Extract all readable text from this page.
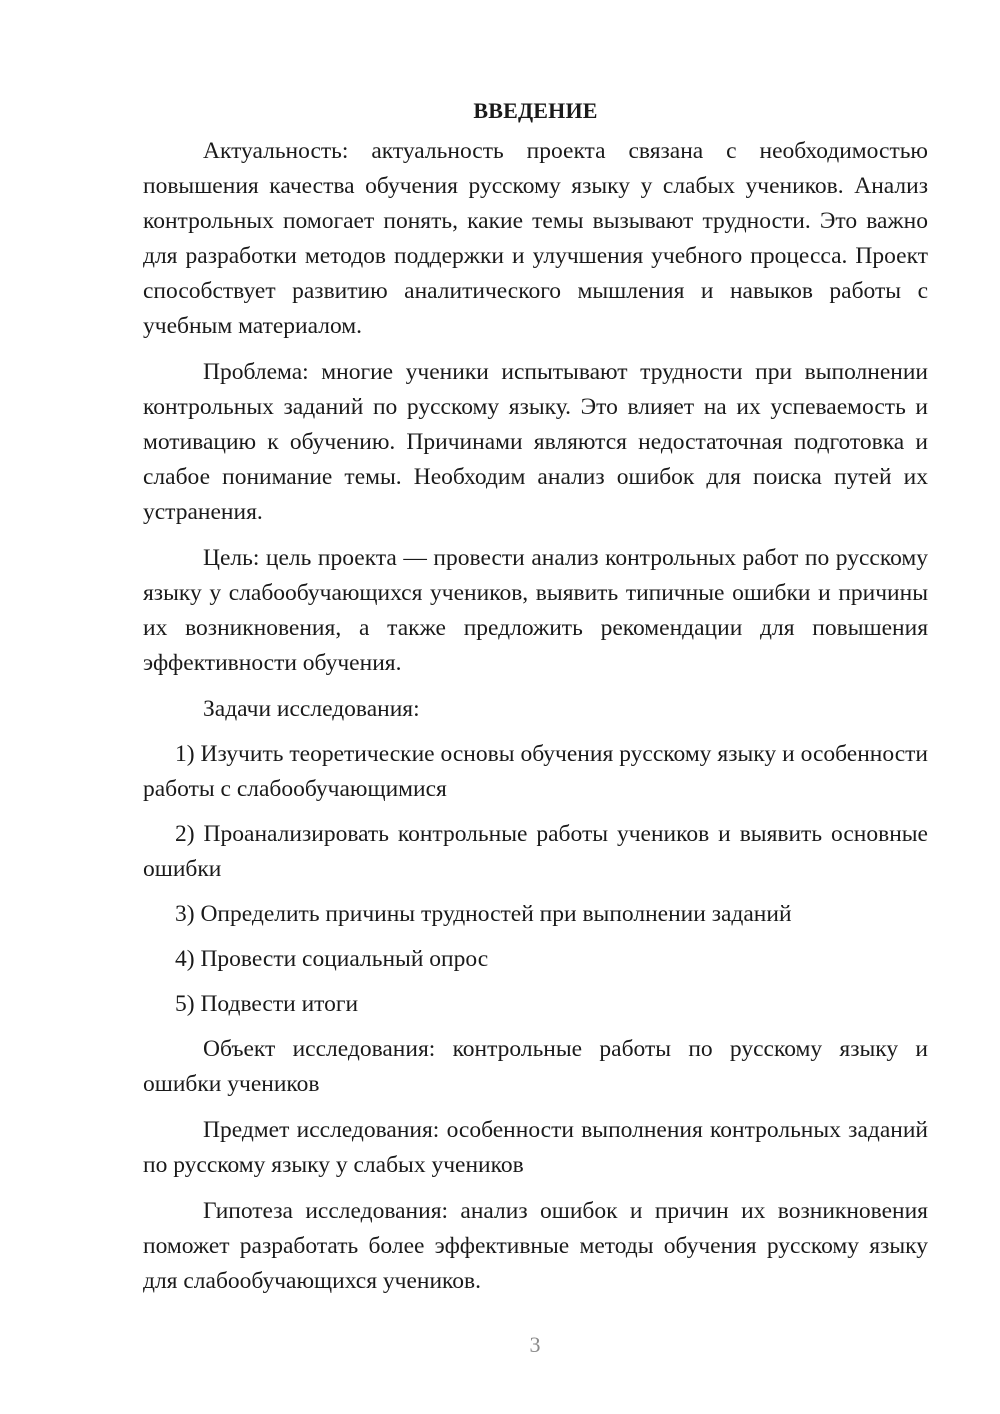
ВВЕДЕНИЕ

Актуальность: актуальность проекта связана с необходимостью повышения качества обучения русскому языку у слабых учеников. Анализ контрольных помогает понять, какие темы вызывают трудности. Это важно для разработки методов поддержки и улучшения учебного процесса. Проект способствует развитию аналитического мышления и навыков работы с учебным материалом.

Проблема: многие ученики испытывают трудности при выполнении контрольных заданий по русскому языку. Это влияет на их успеваемость и мотивацию к обучению. Причинами являются недостаточная подготовка и слабое понимание темы. Необходим анализ ошибок для поиска путей их устранения.

Цель: цель проекта — провести анализ контрольных работ по русскому языку у слабообучающихся учеников, выявить типичные ошибки и причины их возникновения, а также предложить рекомендации для повышения эффективности обучения.

Задачи исследования:

1) Изучить теоретические основы обучения русскому языку и особенности работы с слабообучающимися

2) Проанализировать контрольные работы учеников и выявить основные ошибки

3) Определить причины трудностей при выполнении заданий

4) Провести социальный опрос

5) Подвести итоги

Объект исследования: контрольные работы по русскому языку и ошибки учеников

Предмет исследования: особенности выполнения контрольных заданий по русскому языку у слабых учеников

Гипотеза исследования: анализ ошибок и причин их возникновения поможет разработать более эффективные методы обучения русскому языку для слабообучающихся учеников.

3
